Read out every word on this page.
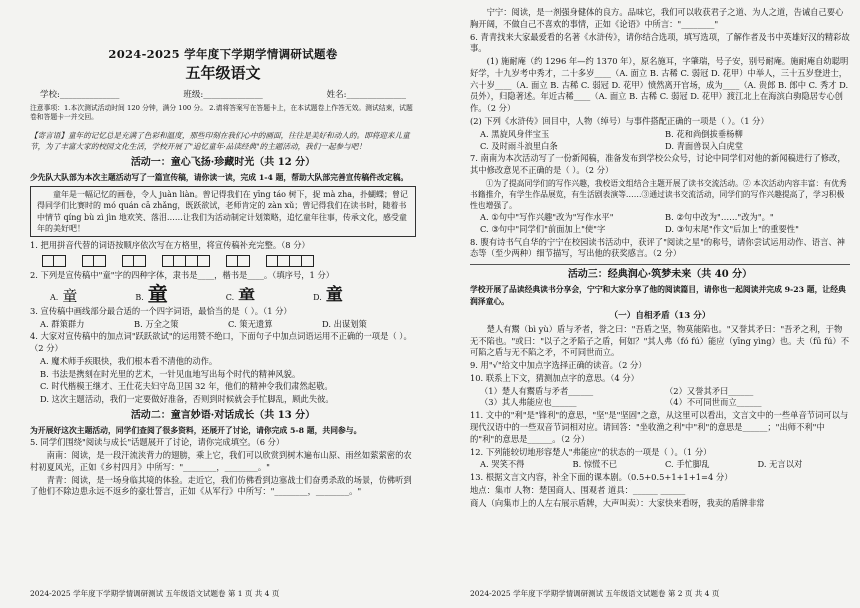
2024-2025 学年度下学期学情调研试题卷
五年级语文
学校:______________	班级:______________	姓名:______________
注意事项：1.本次测试活动时间 120 分钟，满分 100 分。 2.请将答案写在答题卡上，在本试题卷上作答无效。测试结束，试题卷和答题卡一并交回。
【寄言语】童年的记忆总是充满了色彩和温度，那些印刻在我们心中的画面，往往是美好和动人的。即将迎来儿童节，为了丰富大家的校园文化生活，学校开展了"追忆童年·品读经典"的主题活动，我们一起参与吧！
活动一：童心飞扬·珍藏时光（共 12 分）
少先队大队部为本次主题活动写了一篇宣传稿，请你读一读，完成 1-4 题，帮助大队部完善宣传稿件改定稿。
童年是一幅记忆的画卷，令人 juàn liàn。曾记得我们在 yīng táo 树下，捉 mà zha，扑蝴蝶；曾记得同学们比赛时的 mó quán cā zhǎng，既跃欲试，老师肯定的 zàn xǔ；曾记得我们在读书时，随着书中情节 qíng bù zì jìn 地欢笑、落泪……让我们为活动制定计划策略，追忆童年往事，传承文化，感受童年的美好吧！
1. 把用拼音代替的词语按顺序依次写在方格里，将宣传稿补充完整。（8 分）
2. 下列是宣传稿中"童"字的四种字体，隶书是____，楷书是____。（填序号，1 分）
A. 童	B. 童	C. 童	D. 童
3. 宣传稿中画线部分最合适的一个四字词语，最恰当的是（ ）。（1 分）
A. 群策群力	B. 万全之策	C. 策无遗算	D. 出谋划策
4. 大家对宣传稿中的加点词"跃跃欲试"的运用赞不绝口，下面句子中加点词语运用不正确的一项是（ ）。（2 分）
A. 魔术师手疾眼快，我们根本看不清他的动作。
B. 书法是携刻在时光里的艺术，一针见血地写出每个时代的精神风貌。
C. 时代楷模王继才、王仕花夫妇守岛卫国 32 年，他们的精神令我们肃然起敬。
D. 这次主题活动，我们一定要做好准备，否则到时候就会手忙脚乱，顾此失彼。
活动二：童言妙语·对话成长（共 13 分）
为开展好这次主题活动，同学们查阅了很多资料，还展开了讨论，请你完成 5-8 题，共同参与。
5. 同学们围绕"阅读与成长"话题展开了讨论，请你完成填空。（6 分）
南南：阅读，是一段汗流浃背力的翅膀，乘上它，我们可以欣赏到树木遍布山原、雨丝如萦萦密的农村初夏风光，正如《乡村四月》中所写："________，________。"
青青：阅读，是一场身临其境的体验。走近它，我们仿佛看到边塞战士们奋勇杀敌的场景，仿佛听到了他们不除边患永远不返乡的豪壮誓言，正如《从军行》中所写："________，________。"
2024-2025 学年度下学期学情调研测试 五年级语文试题卷 第 1 页 共 4 页
宁宁：阅读，是一剂强身健体的良方。品味它，我们可以收获君子之道、为人之道，告诫自己要心胸开阔，不做自己不喜欢的事情，正如《论语》中所言："________"
6. 青青找来大家最爱看的名著《水浒传》，请你结合选项，填写选项，了解作者及书中英雄好汉的精彩故事。
(1) 施耐庵（约 1296 年—约 1370 年），原名施耳，字肇瑞，号子安，别号耐庵。施耐庵自幼聪明好学，十九岁考中秀才，二十多岁____（A. 面立 B. 古稀 C. 弱冠 D. 花甲）中举人，三十五岁登进士，六十岁____（A. 面立 B. 古稀 C. 弱冠 D. 花甲）愤然离开官场，成为____（A. 贵郎 B. 郎中 C. 秀才 D. 员外），归隐著述。年近古稀____（A. 面立 B. 古稀 C. 弱冠 D. 花甲）渡江北上在海滨白驹隐居专心创作。（2 分）
(2) 下列《水浒传》回目中，人物（绰号）与事件搭配正确的一项是（ ）。（1 分）
A. 黑旋风身伴宝玉	B. 花和尚倒拔垂杨柳
C. 及时雨斗浪里白条	D. 青面兽误入白虎堂
7. 南南为本次活动写了一份新闻稿，准备发布到学校公众号，讨论中同学们对他的新闻稿进行了修改，其中修改意见不正确的是（ ）。（2 分）
①为了提高同学们的写作兴趣，我校语文组结合主题开展了读书交流活动。② 本次活动内容丰富：有优秀书籍推介，有学生作品展览，有生活剧表演等……③通过读书交流活动，同学们的写作兴趣提高了，学习积极性也增强了。
A. ①句中"写作兴趣"改为"写作水平"	B. ②句中改为"……"改为"。"
C. ③句中"同学们"前面加上"使"字	D. ③句末尾"作文"后加上"的重要性"
8. 腹有诗书气自华的宁宁在校园读书活动中，获评了"阅读之星"的称号，请你尝试运用动作、语言、神态等（至少两种）细节描写，写出他的获奖感言。（2 分）
活动三：经典润心·筑梦未来（共 40 分）
学校开展了品读经典读书分享会，宁宁和大家分享了他的阅读篇目，请你也一起阅读并完成 9-23 题，让经典润泽童心。
（一）自相矛盾（13 分）
楚人有鬻（bì yù）盾与矛者，誉之曰："吾盾之坚，物莫能陷也。"又誉其矛曰："吾矛之利，于物无不陷也。"或曰："以子之矛陷子之盾，何如？"其人弗（fó fú）能应（yīng yìng）也。夫（fū fú）不可陷之盾与无不陷之矛，不可同世而立。
9. 用"√"给文中加点字选择正确的读音。（2 分）
10. 联系上下文，猜测加点字的意思。（4 分）
（1）楚人有鬻盾与矛者______	（2）又誉其矛曰______
（3）其人弗能应也______	（4）不可同世而立______
11. 文中的"利"是"锋利"的意思，"坚"是"坚固"之意，从这里可以看出，文言文中的一些单音节词可以与现代汉语中的一些双音节词相对应。请回答："坐收渔之利"中"利"的意思是______；"出师不利"中的"利"的意思是______。（2 分）
12. 下列能较切地形容楚人"弗能应"的状态的一项是（ ）。（1 分）
A. 哭笑不得	B. 惊慌不已	C. 手忙脚乱	D. 无言以对
13. 根据文言文内容，补全下面的课本剧。（0.5+0.5+1+1+1=4 分）
地点：集市 人物：楚国商人、围观者 道具：______ ______
商人（向集市上的人左右展示盾牌，大声叫卖）：大家快来看呀，我卖的盾牌非常
2024-2025 学年度下学期学情调研测试 五年级语文试题卷 第 2 页 共 4 页
